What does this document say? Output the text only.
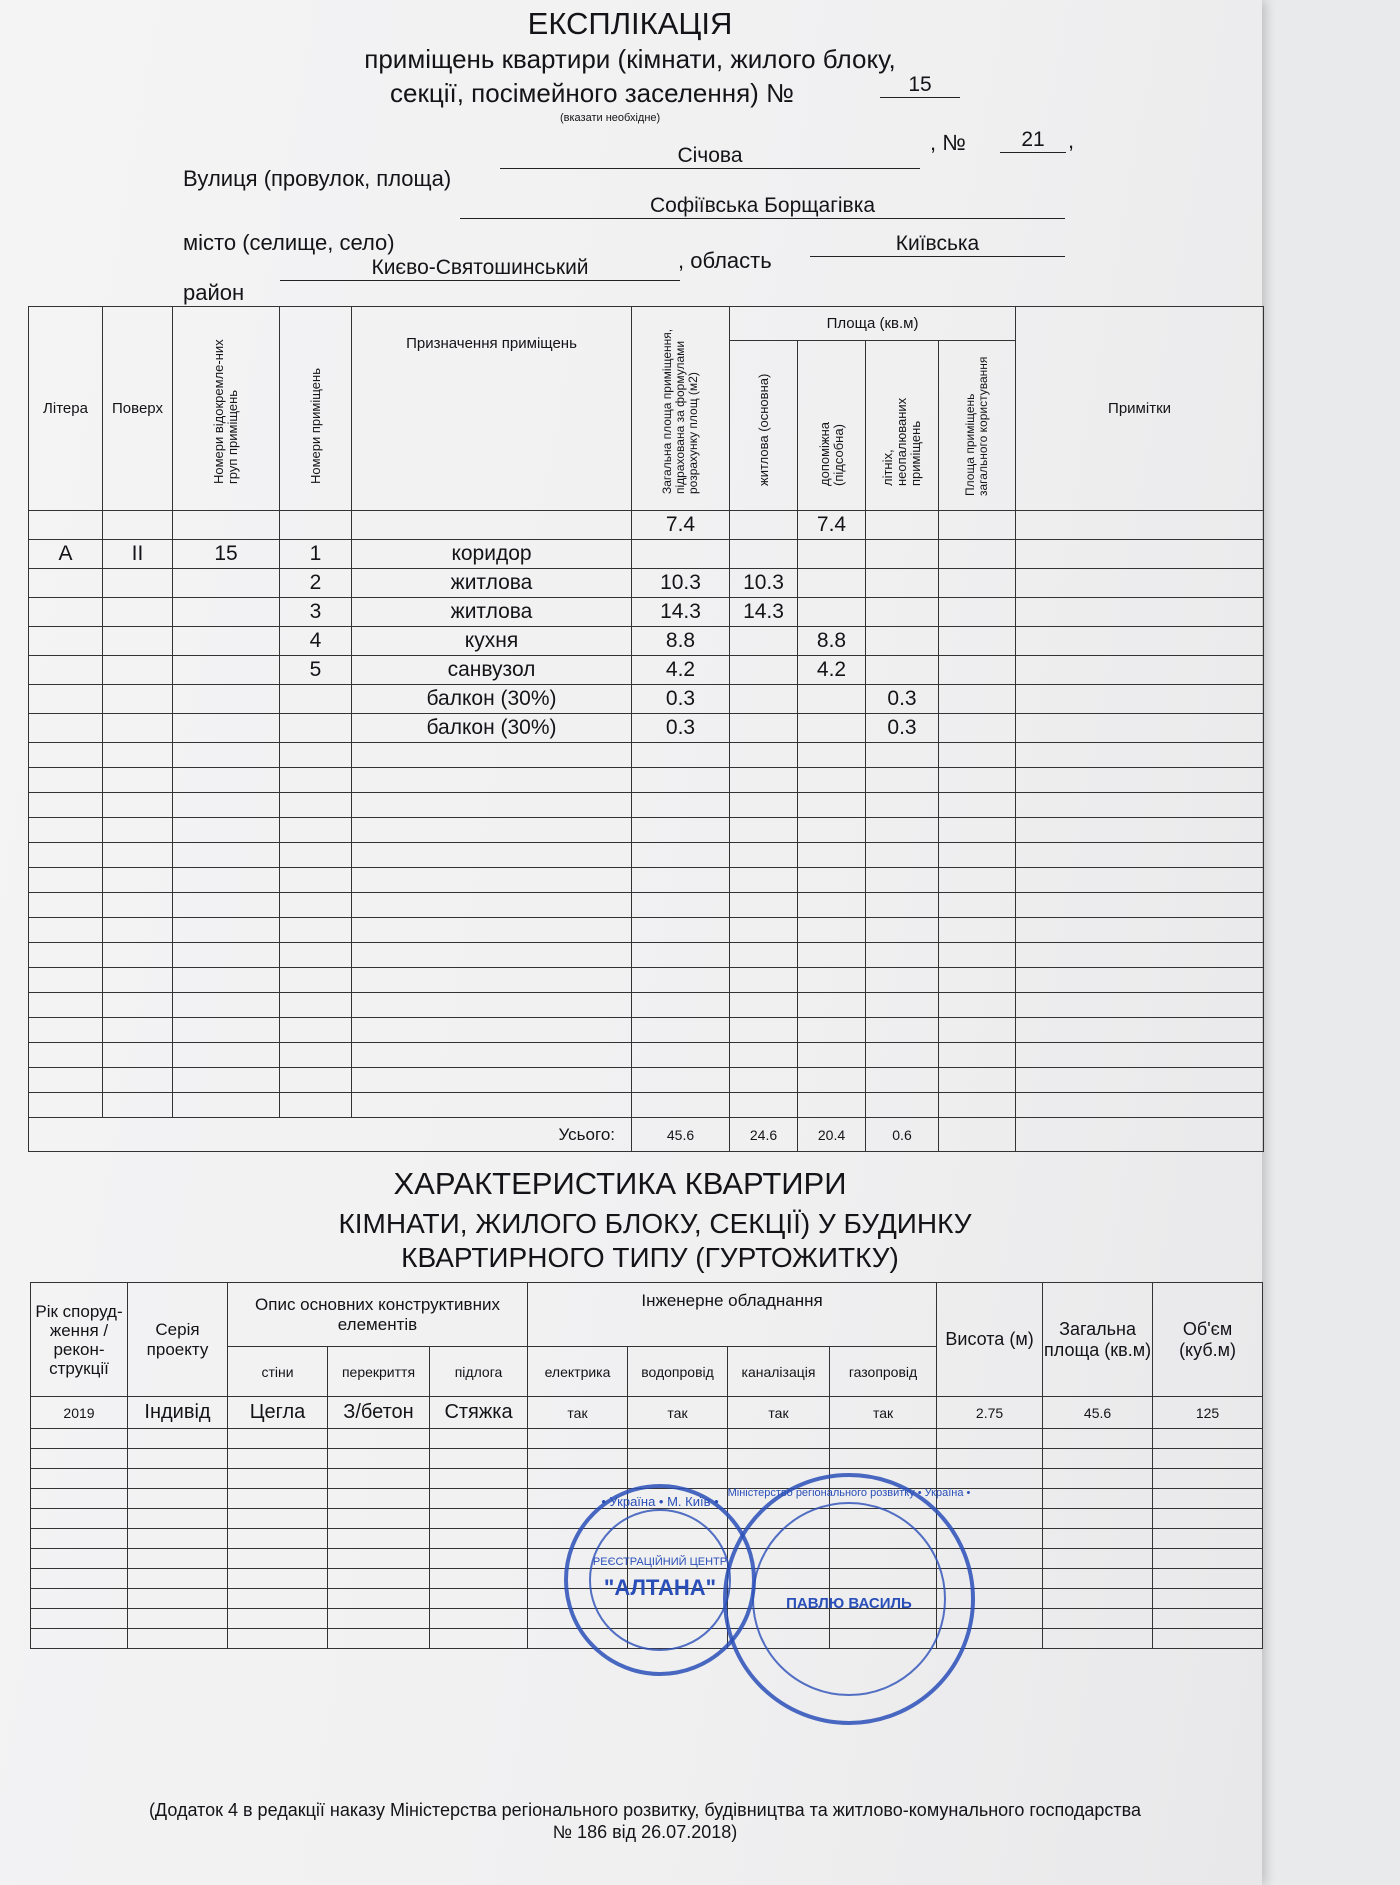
ЕКСПЛІКАЦІЯ
приміщень квартири (кімнати, жилого блоку,
секції, посімейного заселення) №	15
(вказати необхідне)
Вулиця (провулок, площа)
Січова
, №	21	,
місто (селище, село)
Софіївська Борщагівка
район
Києво-Святошинський	, область
Київська
Літера	Поверх	Номери відокремле-них груп приміщень	Номери приміщень	Призначення приміщень	Загальна площа приміщення, підрахована за формулами розрахунку площ (м2)	Площа (кв.м)				Примітки

						житлова (основна)	допоміжна (підсобна)	літніх, неопалюваних приміщень	Площа приміщень загального користування	

					7.4		7.4			
А	ІІ	15	1	коридор						
			2	житлова	10.3	10.3				
			3	житлова	14.3	14.3				
			4	кухня	8.8		8.8			
			5	санвузол	4.2		4.2			
				балкон (30%)	0.3			0.3		
				балкон (30%)	0.3			0.3		

Усього:					45.6	24.6	20.4	0.6		
ХАРАКТЕРИСТИКА КВАРТИРИ
КІМНАТИ, ЖИЛОГО БЛОКУ, СЕКЦІЇ) У БУДИНКУ
КВАРТИРНОГО ТИПУ (ГУРТОЖИТКУ)
Рік споруд-ження / рекон-струкції	Серія проекту	Опис основних конструктивних елементів			Інженерне обладнання				Висота (м)	Загальна площа (кв.м)	Об'єм (куб.м)
		стіни	перекриття	підлога	електрика	водопровід	каналізація	газопровід			
2019	Індивід	Цегла	З/бетон	Стяжка	так	так	так	так	2.75	45.6	125

• Україна • М. Київ •
РЕЄСТРАЦІЙНИЙ ЦЕНТР
"АЛТАНА"
Міністерство регіонального розвитку • Україна •
ПАВЛЮ ВАСИЛЬ
(Додаток 4 в редакції наказу Міністерства регіонального розвитку, будівництва та житлово-комунального господарства
№ 186 від 26.07.2018)
